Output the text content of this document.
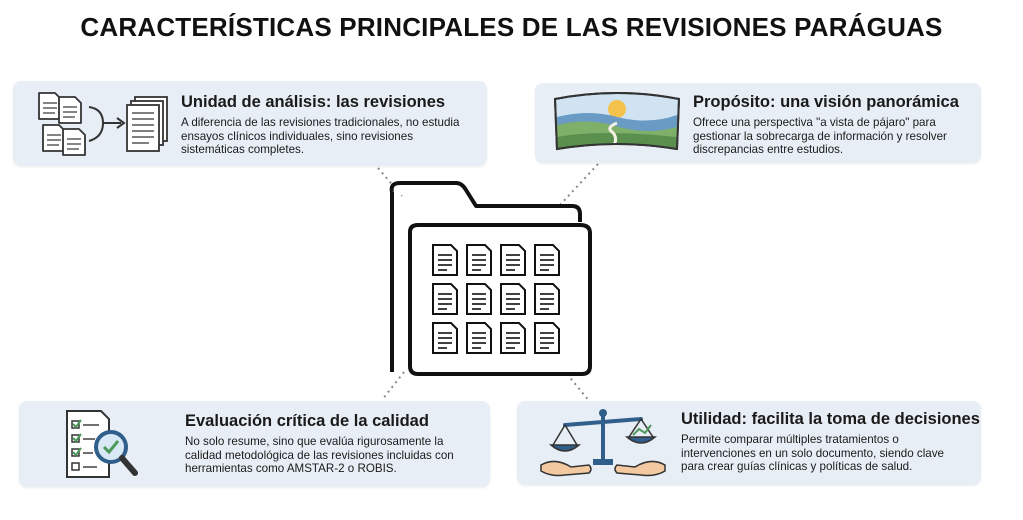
CARACTERÍSTICAS PRINCIPALES DE LAS REVISIONES PARÁGUAS
Unidad de análisis: las revisiones

A diferencia de las revisiones tradicionales, no estudia
ensayos clínicos individuales, sino revisiones
sistemáticas completes.

Propósito: una visión panorámica

Ofrece una perspectiva "a vista de pájaro" para
gestionar la sobrecarga de información y resolver
discrepancias entre estudios.

Evaluación crítica de la calidad

No solo resume, sino que evalúa rigurosamente la
calidad metodológica de las revisiones incluidas con
herramientas como AMSTAR-2 o ROBIS.

Utilidad: facilita la toma de decisiones

Permite comparar múltiples tratamientos o
intervenciones en un solo documento, siendo clave
para crear guías clínicas y políticas de salud.
